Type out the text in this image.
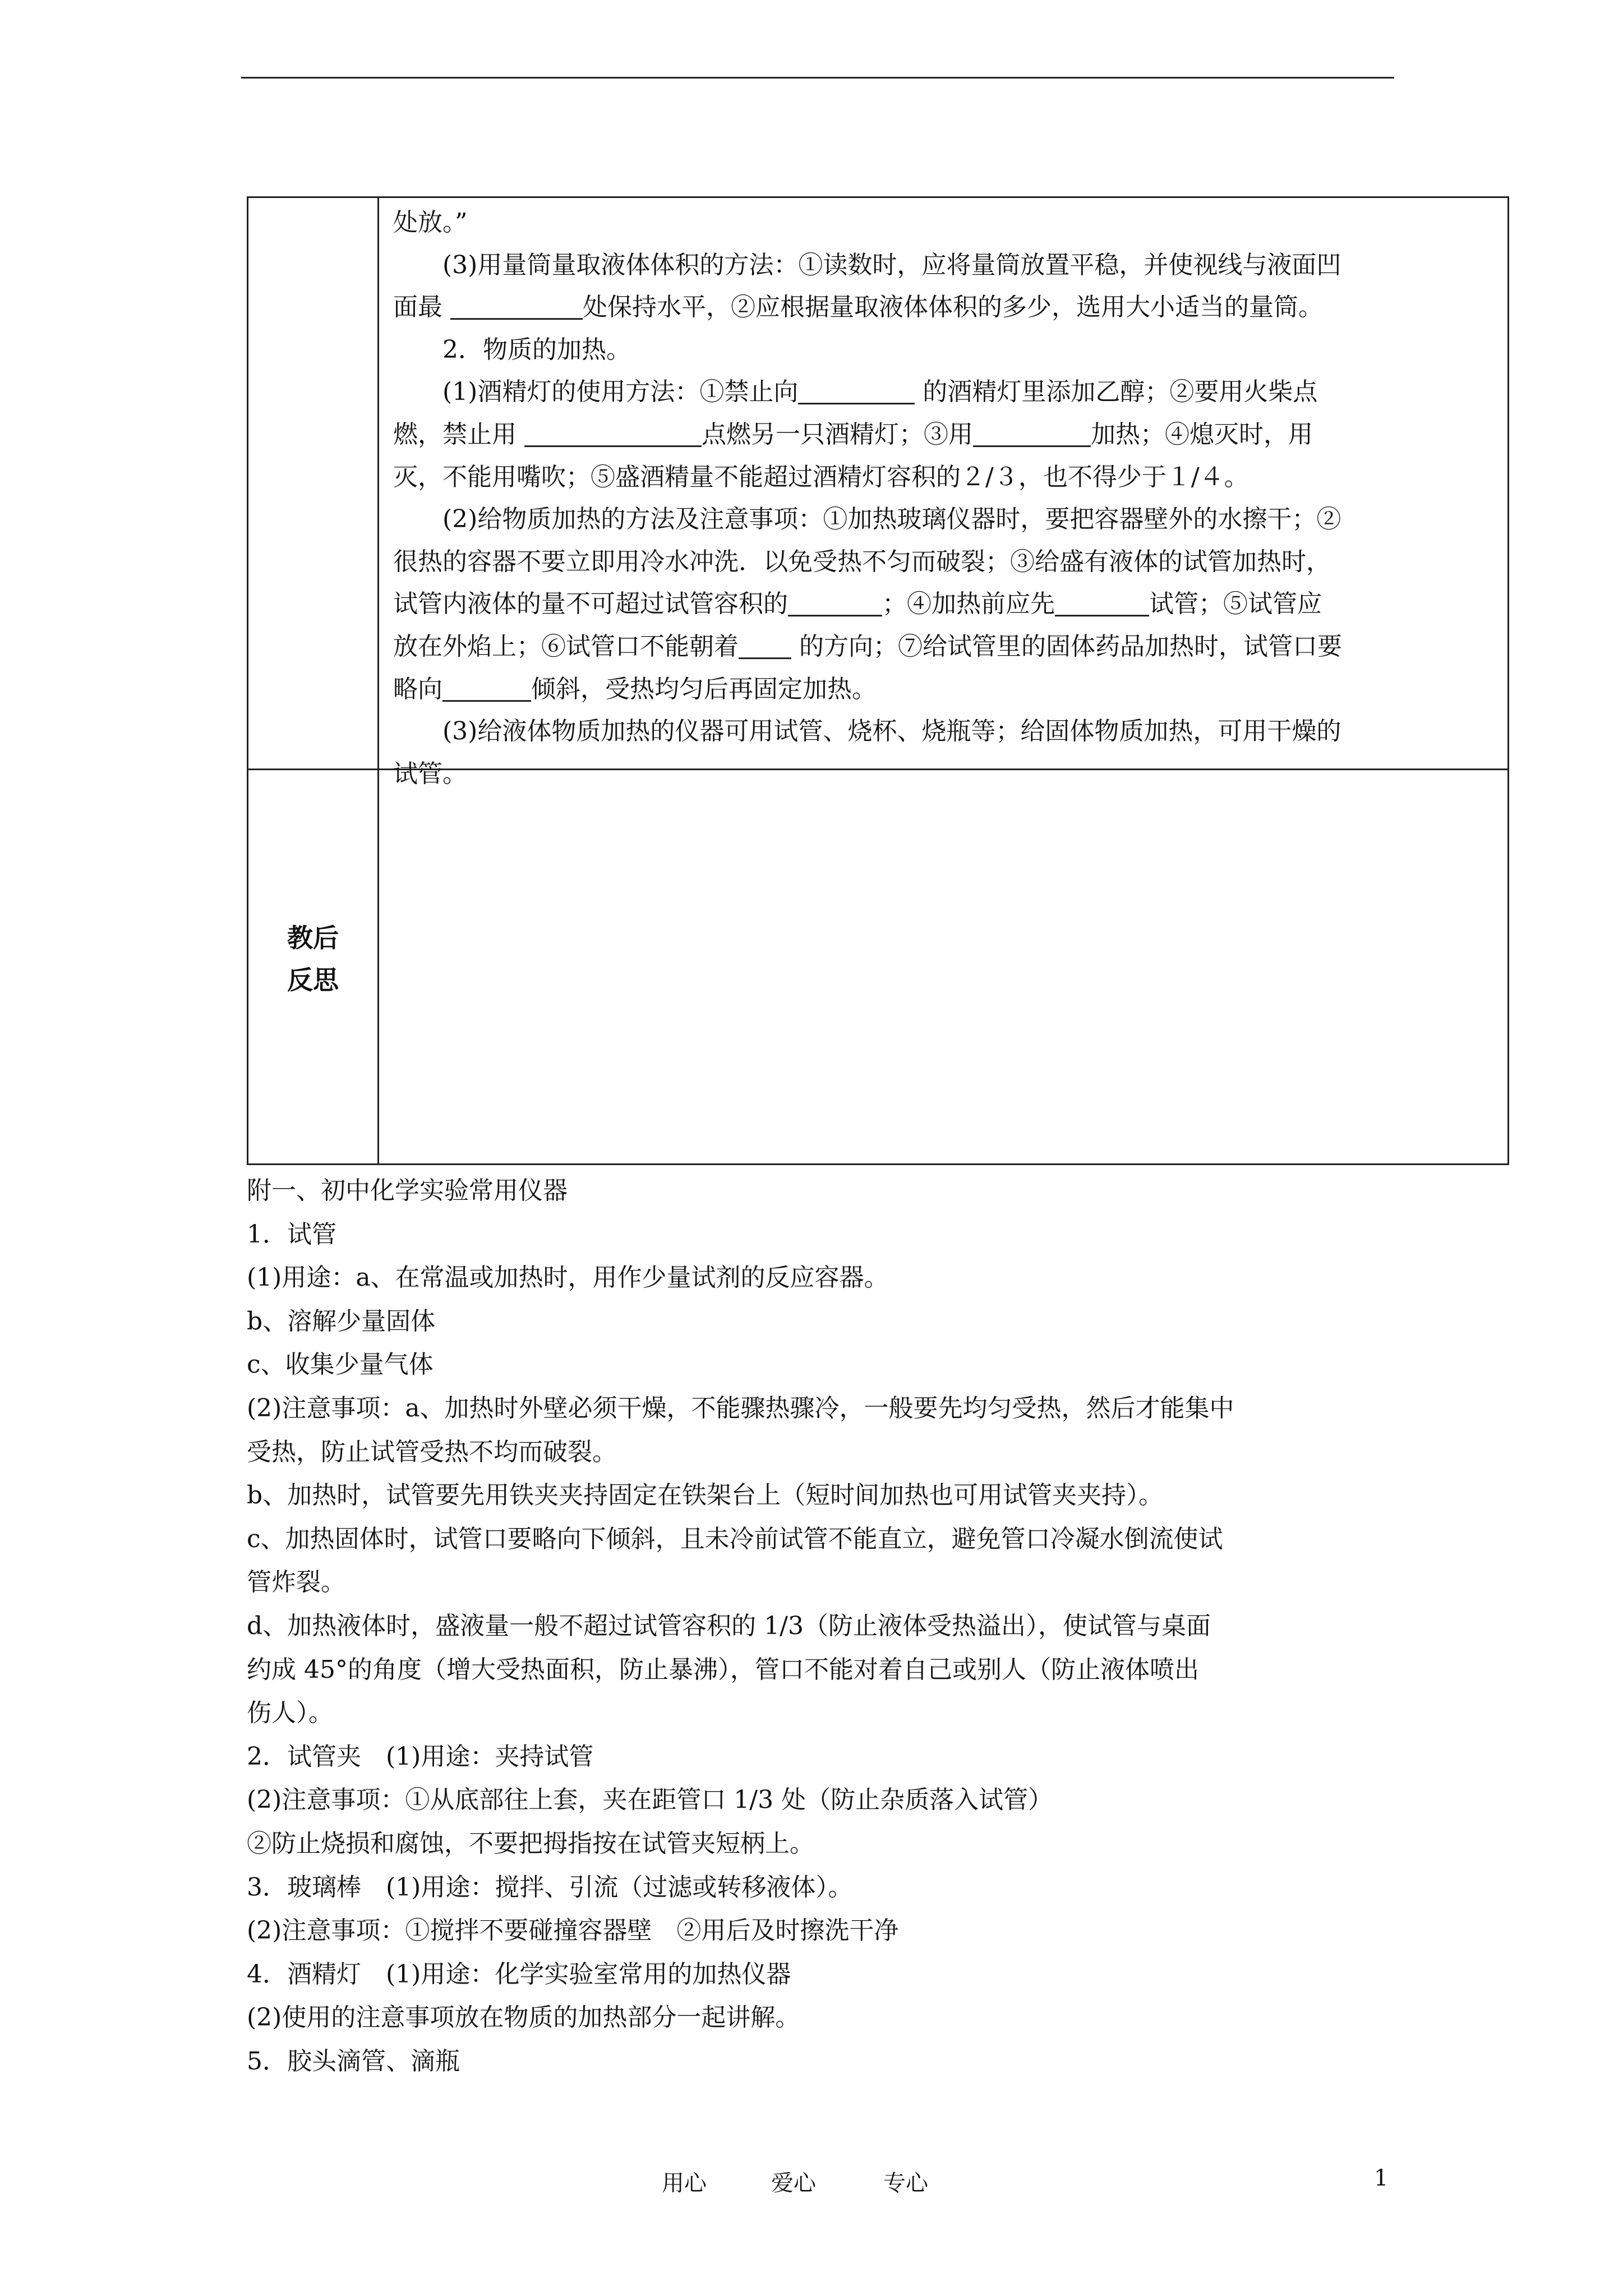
处放。”

(3)用量筒量取液体体积的方法：①读数时，应将量筒放置平稳，并使视线与液面凹

面最	处保持水平，②应根据量取液体体积的多少，选用大小适当的量筒。

2．物质的加热。

(1)酒精灯的使用方法：①禁止向	的酒精灯里添加乙醇；②要用火柴点

燃，禁止用	点燃另一只酒精灯；③用	加热；④熄灭时，用

灭，不能用嘴吹；⑤盛酒精量不能超过酒精灯容积的２/３，也不得少于１/４。

(2)给物质加热的方法及注意事项：①加热玻璃仪器时，要把容器壁外的水擦干；②

很热的容器不要立即用冷水冲洗．以免受热不匀而破裂；③给盛有液体的试管加热时，

试管内液体的量不可超过试管容积的	；④加热前应先	试管；⑤试管应

放在外焰上；⑥试管口不能朝着 的方向；⑦给试管里的固体药品加热时，试管口要

略向	倾斜，受热均匀后再固定加热。

(3)给液体物质加热的仪器可用试管、烧杯、烧瓶等；给固体物质加热，可用干燥的

试管。

教后
反思

附一、初中化学实验常用仪器

1．试管

(1)用途：a、在常温或加热时，用作少量试剂的反应容器。

b、溶解少量固体

c、收集少量气体

(2)注意事项：a、加热时外壁必须干燥，不能骤热骤冷，一般要先均匀受热，然后才能集中

受热，防止试管受热不均而破裂。

b、加热时，试管要先用铁夹夹持固定在铁架台上（短时间加热也可用试管夹夹持）。

c、加热固体时，试管口要略向下倾斜，且未冷前试管不能直立，避免管口冷凝水倒流使试

管炸裂。

d、加热液体时，盛液量一般不超过试管容积的 1/3（防止液体受热溢出），使试管与桌面

约成 45°的角度（增大受热面积，防止暴沸），管口不能对着自己或别人（防止液体喷出

伤人）。

2．试管夹　(1)用途：夹持试管

(2)注意事项：①从底部往上套，夹在距管口 1/3 处（防止杂质落入试管）

②防止烧损和腐蚀，不要把拇指按在试管夹短柄上。

3．玻璃棒　(1)用途：搅拌、引流（过滤或转移液体）。

(2)注意事项：①搅拌不要碰撞容器壁　②用后及时擦洗干净

4．酒精灯　(1)用途：化学实验室常用的加热仪器

(2)使用的注意事项放在物质的加热部分一起讲解。

5．胶头滴管、滴瓶

用心	爱心	专心	1
